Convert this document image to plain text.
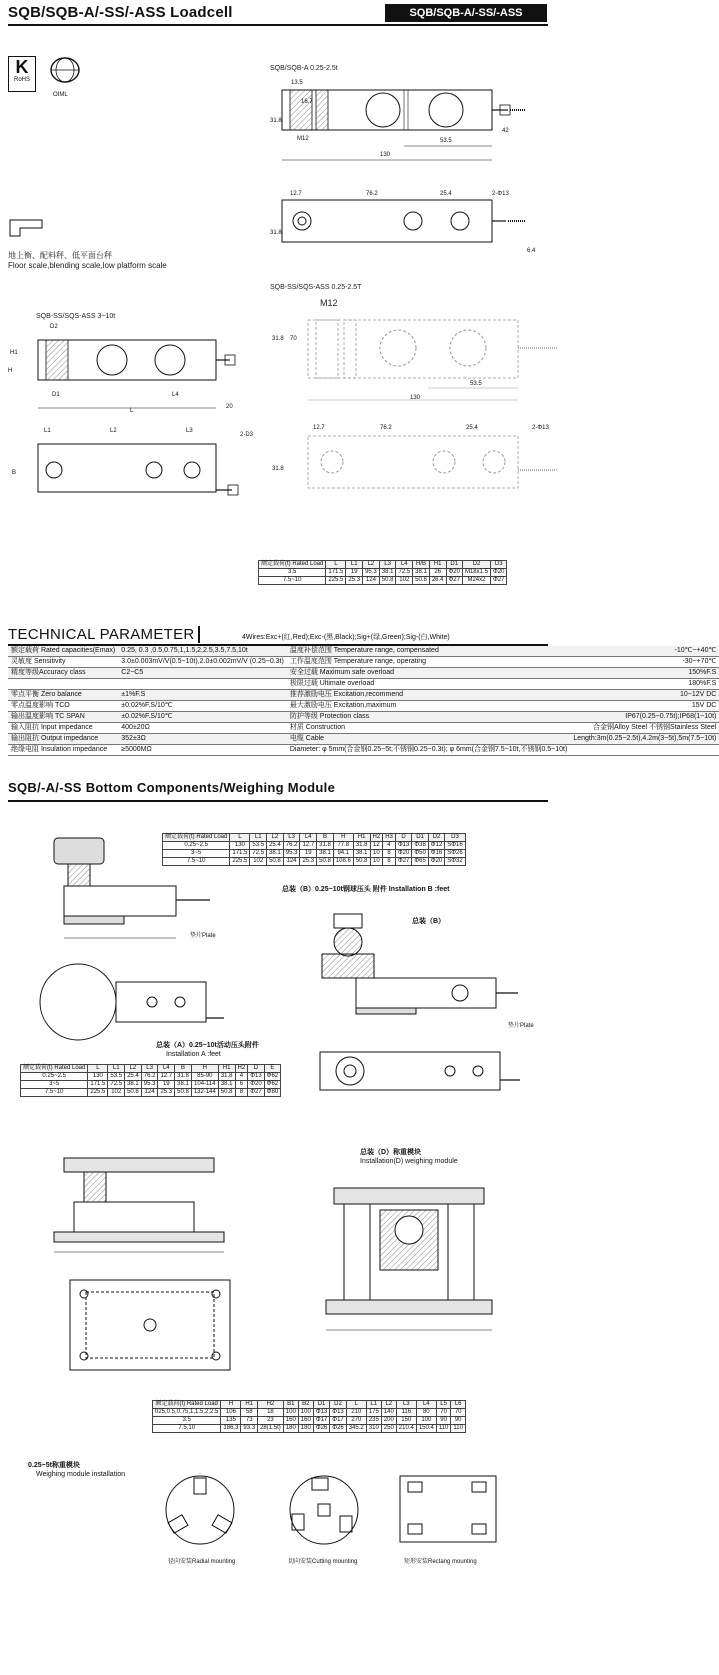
SQB/SQB-A/-SS/-ASS Loadcell	SQB/SQB-A/-SS/-ASS
K
RoHS
OIML
地上衡、配料秤、低平面台秤
Floor scale,blending scale,low platform scale
SQB/SQB-A 0.25-2.5t
13.5
31.8
16.7
M12	53.5
130
42
12.7	76.2	25.4	2-Φ13
31.8
6.4
SQB-SS/SQS-ASS 0.25-2.5T
M12
31.8 70
53.5
130
12.7	76.2	25.4	2-Φ13
31.8
SQB-SS/SQS-ASS 3~10t
D2
D1
H1
H
L4
L
20
L1	L2	L3
2-D3
B
额定载荷(t) Rated Load	L	L1	L2	L3	L4	H/B	H1	D1	D2	D3
3.5	171.5	19	95.3	38.1	72.5	38.1	26	Φ20	M18x1.5	Φ20
7.5~10	225.5	25.3	124	50.8	102	50.8	26.4	Φ27	M24x2	Φ27
TECHNICAL PARAMETER	4Wires:Exc+(红,Red);Exc-(黑,Black);Sig+(绿,Green);Sig-(白,White)
额定载荷 Rated capacities(Emax)	0.25, 0.3 ,0.5,0.75,1,1.5,2,2.5,3.5,7.5,10t	温度补偿范围 Temperature range, compensated	-10℃~+40℃
灵敏度 Sensitivity	3.0±0.003mV/V(0.5~10t),2.0±0.002mV/V (0.25~0.3t)	工作温度范围 Temperature range, operating	-30~+70℃
精度等级Accuracy class	C2~C5	安全过载 Maximum safe overload	150%F.S
		极限过载 Ultimate overload	180%F.S
零点平衡 Zero balance	±1%F.S	推荐激励电压 Excitation,recommend	10~12V DC
零点温度影响 TCO	±0.02%F.S/10℃	最大激励电压 Excitation,maximum	15V DC
输出温度影响 TC SPAN	±0.02%F.S/10℃	防护等级 Protection class	IP67(0.25~0.75t);IP68(1~10t)
输入阻抗 Input impedance	400±20Ω	材质 Construction	合金钢Alloy Steel 不锈钢Stainless Steel
输出阻抗 Output impedance	352±3Ω	电缆 Cable	Length:3m(0.25~2.5t),4.2m(3~5t),5m(7.5~10t)
绝缘电阻 Insulation impedance	≥5000MΩ	Diameter: φ 5mm(合金钢0.25~5t;不锈钢0.25~0.3t); φ 6mm(合金钢7.5~10t,不锈钢0.5~10t)	
SQB/-A/-SS Bottom Components/Weighing Module
垫片Plate
额定载荷(t) Rated Load	L	L1	L2	L3	L4	B	H	H1	H2	H3	D	D1	D2	D3
0.25~2.5	130	53.5	25.4	76.2	12.7	31.8	77.8	31.8	12	4	Φ13	Φ38	Φ12	SΦ16
3~5	171.5	72.5	38.1	95.3	19	38.1	94.1	38.1	10	8	Φ20	Φ50	Φ16	SΦ26
7.5~10	225.5	102	50.8	124	25.3	50.8	108.6	50.8	10	8	Φ27	Φ65	Φ20	SΦ32
总装（A）0.25~10t活动压头附件
Installation A :feet
额定载荷(t) Rated Load	L	L1	L2	L3	L4	B	H	H1	H2	D	E
0.25~2.5	130	53.5	25.4	76.2	12.7	31.8	85-90	31.8	4	Φ13	Φ62
3~5	171.5	72.5	38.1	95.3	19	38.1	104-114	38.1	6	Φ20	Φ62
7.5~10	225.5	102	50.8	124	25.3	50.8	132-144	50.8	8	Φ27	Φ80
总装（B）0.25~10t钢球压头 附件 Installation B :feet
总装（B）
垫片Plate
总装（D）称重模块
Installation(D) weighing module
额定载荷(t) Rated Load	H	H1	H2	B1	B2	D1	D2	L	L1	L2	L3	L4	L5	L6
025,0.5,0.75,1,1.5,2,2.5	106	58	18	100	100	Φ13	Φ13	210	175	140	116	80	70	70
3.5	135	73	23	160	160	Φ17	Φ17	270	235	200	150	100	90	90
7.5,10	186.3	93.3	28(1.5t)	180	180	Φ26	Φ26	345.2	310	250	210.4	150.4	110	110
0.25~5t称重模块
Weighing module installation
径向安装Radial mounting	切向安装Cutting mounting	矩形安装Rectang mounting
